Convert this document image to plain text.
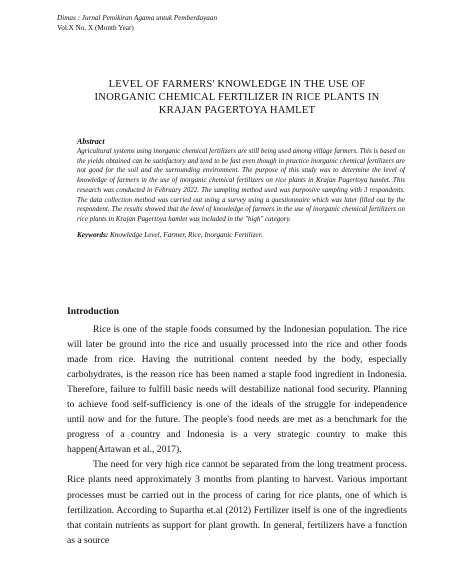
Dimas : Jurnal Pemikiran Agama untuk Pemberdayaan
Vol.X No. X (Month Year)
LEVEL OF FARMERS' KNOWLEDGE IN THE USE OF
INORGANIC CHEMICAL FERTILIZER IN RICE PLANTS IN
KRAJAN PAGERTOYA HAMLET

Abstract

Agricultural systems using inorganic chemical fertilizers are still being used among village farmers. This is based on the yields obtained can be satisfactory and tend to be fast even though in practice inorganic chemical fertilizers are not good for the soil and the surrounding environment. The purpose of this study was to determine the level of knowledge of farmers in the use of inorganic chemical fertilizers on rice plants in Krajan Pagertoya hamlet. This research was conducted in February 2022. The sampling method used was purposive sampling with 3 respondents. The data collection method was carried out using a survey using a questionnaire which was later filled out by the respondent. The results showed that the level of knowledge of farmers in the use of inorganic chemical fertilizers on rice plants in Krajan Pagertoya hamlet was included in the "high" category.

Keywords: Knowledge Level, Farmer, Rice, Inorganic Fertilizer.

Introduction

Rice is one of the staple foods consumed by the Indonesian population. The rice will later be ground into the rice and usually processed into the rice and other foods made from rice. Having the nutritional content needed by the body, especially carbohydrates, is the reason rice has been named a staple food ingredient in Indonesia. Therefore, failure to fulfill basic needs will destabilize national food security. Planning to achieve food self-sufficiency is one of the ideals of the struggle for independence until now and for the future. The people's food needs are met as a benchmark for the progress of a country and Indonesia is a very strategic country to make this happen(Artawan et al., 2017).

The need for very high rice cannot be separated from the long treatment process. Rice plants need approximately 3 months from planting to harvest. Various important processes must be carried out in the process of caring for rice plants, one of which is fertilization. According to Supartha et.al (2012) Fertilizer itself is one of the ingredients that contain nutrients as support for plant growth. In general, fertilizers have a function as a source
